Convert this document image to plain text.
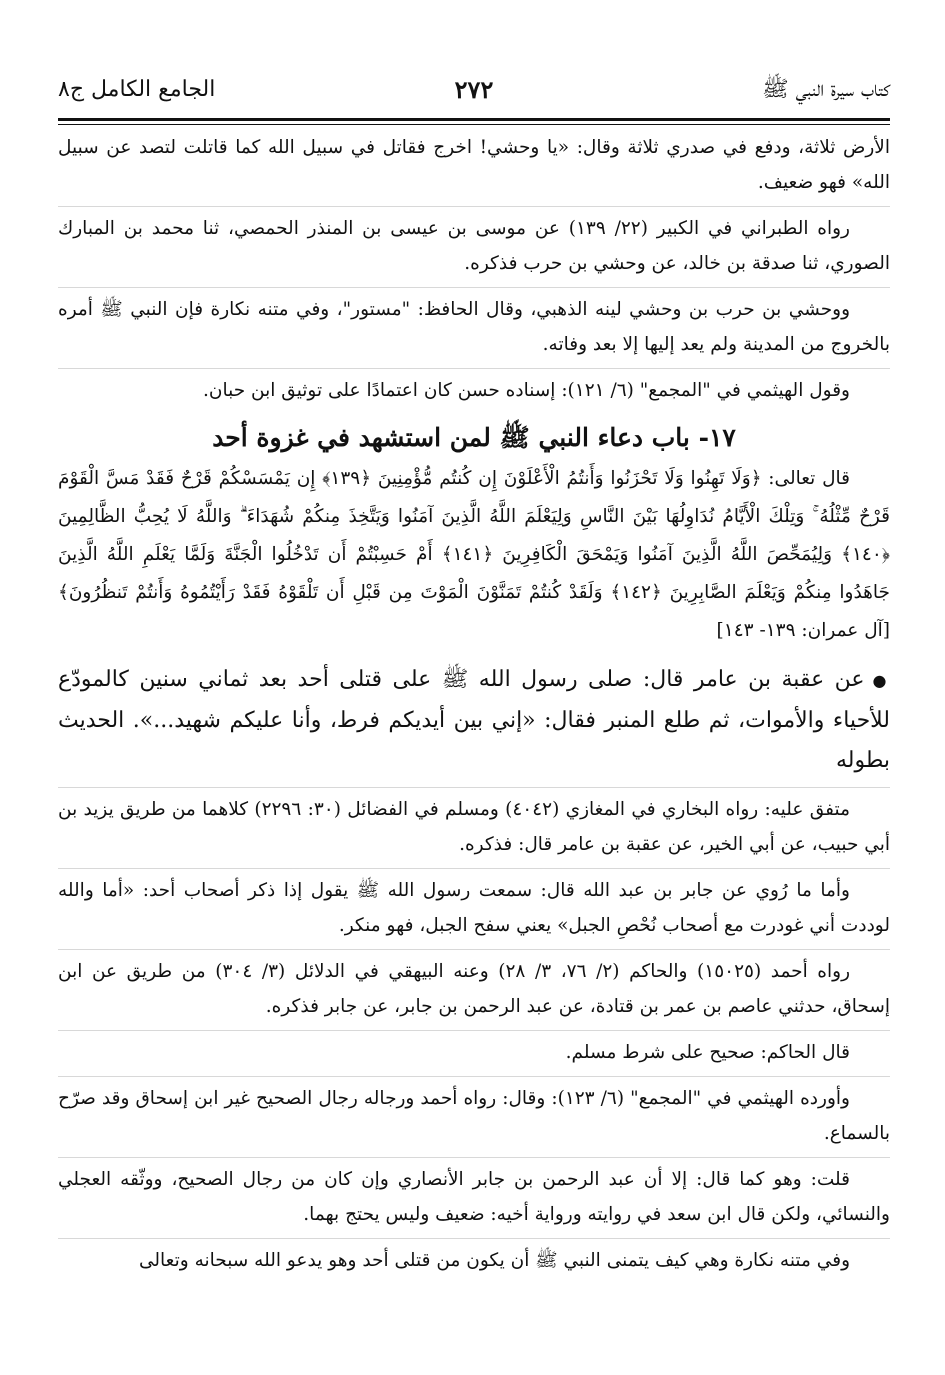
كتاب سيرة النبي ﷺ
٢٧٢
الجامع الكامل ج٨

الأرض ثلاثة، ودفع في صدري ثلاثة وقال: «يا وحشي! اخرج فقاتل في سبيل الله كما قاتلت لتصد عن سبيل الله» فهو ضعيف.

رواه الطبراني في الكبير (٢٢/ ١٣٩) عن موسى بن عيسى بن المنذر الحمصي، ثنا محمد بن المبارك الصوري، ثنا صدقة بن خالد، عن وحشي بن حرب فذكره.

ووحشي بن حرب بن وحشي لينه الذهبي، وقال الحافظ: "مستور"، وفي متنه نكارة فإن النبي ﷺ أمره بالخروج من المدينة ولم يعد إليها إلا بعد وفاته.

وقول الهيثمي في "المجمع" (٦/ ١٢١): إسناده حسن كان اعتمادًا على توثيق ابن حبان.

١٧- باب دعاء النبي ﷺ لمن استشهد في غزوة أحد

قال تعالى: ﴿وَلَا تَهِنُوا وَلَا تَحْزَنُوا وَأَنتُمُ الْأَعْلَوْنَ إِن كُنتُم مُّؤْمِنِينَ ﴿١٣٩﴾ إِن يَمْسَسْكُمْ قَرْحٌ فَقَدْ مَسَّ الْقَوْمَ قَرْحٌ مِّثْلُهُ ۚ وَتِلْكَ الْأَيَّامُ نُدَاوِلُهَا بَيْنَ النَّاسِ وَلِيَعْلَمَ اللَّهُ الَّذِينَ آمَنُوا وَيَتَّخِذَ مِنكُمْ شُهَدَاءَ ۗ وَاللَّهُ لَا يُحِبُّ الظَّالِمِينَ ﴿١٤٠﴾ وَلِيُمَحِّصَ اللَّهُ الَّذِينَ آمَنُوا وَيَمْحَقَ الْكَافِرِينَ ﴿١٤١﴾ أَمْ حَسِبْتُمْ أَن تَدْخُلُوا الْجَنَّةَ وَلَمَّا يَعْلَمِ اللَّهُ الَّذِينَ جَاهَدُوا مِنكُمْ وَيَعْلَمَ الصَّابِرِينَ ﴿١٤٢﴾ وَلَقَدْ كُنتُمْ تَمَنَّوْنَ الْمَوْتَ مِن قَبْلِ أَن تَلْقَوْهُ فَقَدْ رَأَيْتُمُوهُ وَأَنتُمْ تَنظُرُونَ﴾ [آل عمران: ١٣٩- ١٤٣]

●عن عقبة بن عامر قال: صلى رسول الله ﷺ على قتلى أحد بعد ثماني سنين كالمودّع للأحياء والأموات، ثم طلع المنبر فقال: «إني بين أيديكم فرط، وأنا عليكم شهيد...». الحديث بطوله

متفق عليه: رواه البخاري في المغازي (٤٠٤٢) ومسلم في الفضائل (٣٠: ٢٢٩٦) كلاهما من طريق يزيد بن أبي حبيب، عن أبي الخير، عن عقبة بن عامر قال: فذكره.

وأما ما رُوي عن جابر بن عبد الله قال: سمعت رسول الله ﷺ يقول إذا ذكر أصحاب أحد: «أما والله لوددت أني غودرت مع أصحاب نُحْصِ الجبل» يعني سفح الجبل، فهو منكر.

رواه أحمد (١٥٠٢٥) والحاكم (٢/ ٧٦، ٣/ ٢٨) وعنه البيهقي في الدلائل (٣/ ٣٠٤) من طريق عن ابن إسحاق، حدثني عاصم بن عمر بن قتادة، عن عبد الرحمن بن جابر، عن جابر فذكره.

قال الحاكم: صحيح على شرط مسلم.

وأورده الهيثمي في "المجمع" (٦/ ١٢٣): وقال: رواه أحمد ورجاله رجال الصحيح غير ابن إسحاق وقد صرّح بالسماع.

قلت: وهو كما قال: إلا أن عبد الرحمن بن جابر الأنصاري وإن كان من رجال الصحيح، ووثّقه العجلي والنسائي، ولكن قال ابن سعد في روايته ورواية أخيه: ضعيف وليس يحتج بهما.

وفي متنه نكارة وهي كيف يتمنى النبي ﷺ أن يكون من قتلى أحد وهو يدعو الله سبحانه وتعالى
